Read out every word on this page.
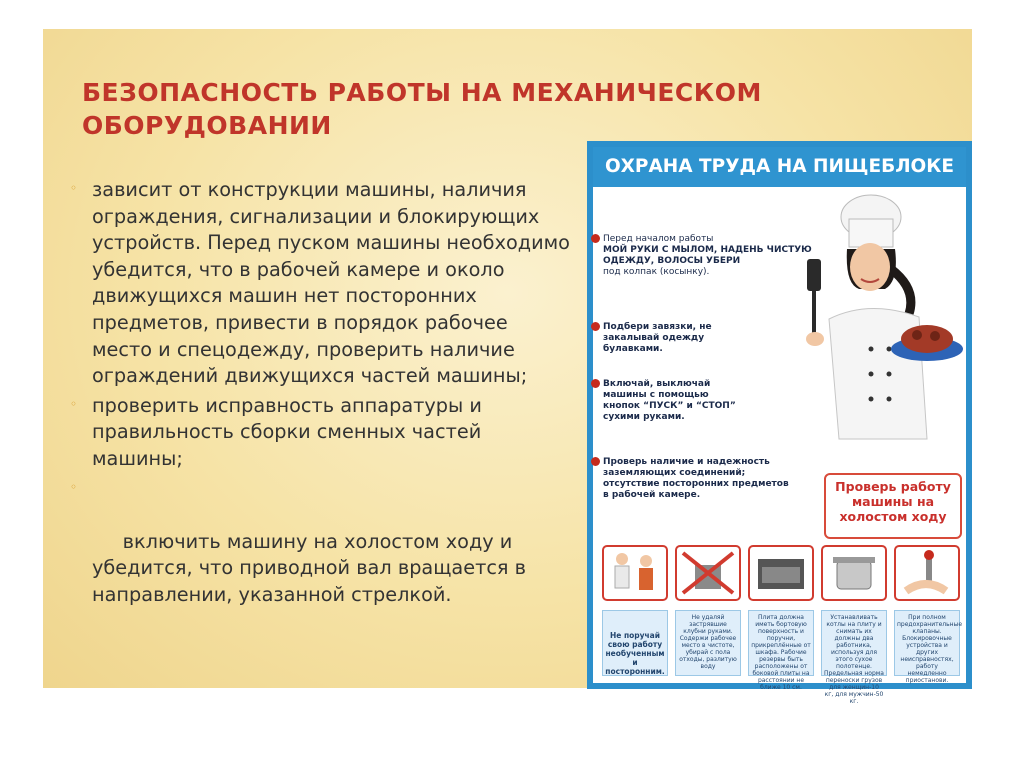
БЕЗОПАСНОСТЬ РАБОТЫ НА МЕХАНИЧЕСКОМ ОБОРУДОВАНИИ
◦ зависит от конструкции машины, наличия ограждения, сигнализации и блокирующих устройств. Перед пуском машины необходимо убедится, что в рабочей камере и около движущихся машин нет посторонних предметов, привести в порядок рабочее место и спецодежду, проверить наличие ограждений движущихся частей машины;
◦ проверить исправность аппаратуры и правильность сборки сменных частей машины;

◦

включить машину на холостом ходу и убедится, что приводной вал вращается в направлении, указанной стрелкой.

ОХРАНА ТРУДА НА ПИЩЕБЛОКЕ
Перед началом работы
МОЙ РУКИ С МЫЛОМ, НАДЕНЬ ЧИСТУЮ ОДЕЖДУ, ВОЛОСЫ УБЕРИ
под колпак (косынку).
Подбери завязки, не закалывай одежду булавками.
Включай, выключай машины с помощью кнопок “ПУСК” и “СТОП” сухими руками.
Проверь наличие и надежность заземляющих соединений; отсутствие посторонних предметов в рабочей камере.
Проверь работу машины на холостом ходу
Не поручай свою работу необученным и посторонним.
Не удаляй застрявшие клубни руками. Содержи рабочее место в чистоте, убирай с пола отходы, разлитую воду
Плита должна иметь бортовую поверхность и поручни, прикреплённые от шкафа. Рабочие резервы быть расположены от боковой плиты на расстоянии не ближе 10 см.
Устанавливать котлы на плиту и снимать их должны два работника, используя для этого сухое полотенце. Предельная норма переноски грузов для женщин-10 кг, для мужчин-50 кг.
При полном предохранительные клапаны. Блокировочные устройства и других неисправностях, работу немедленно приостанови.
